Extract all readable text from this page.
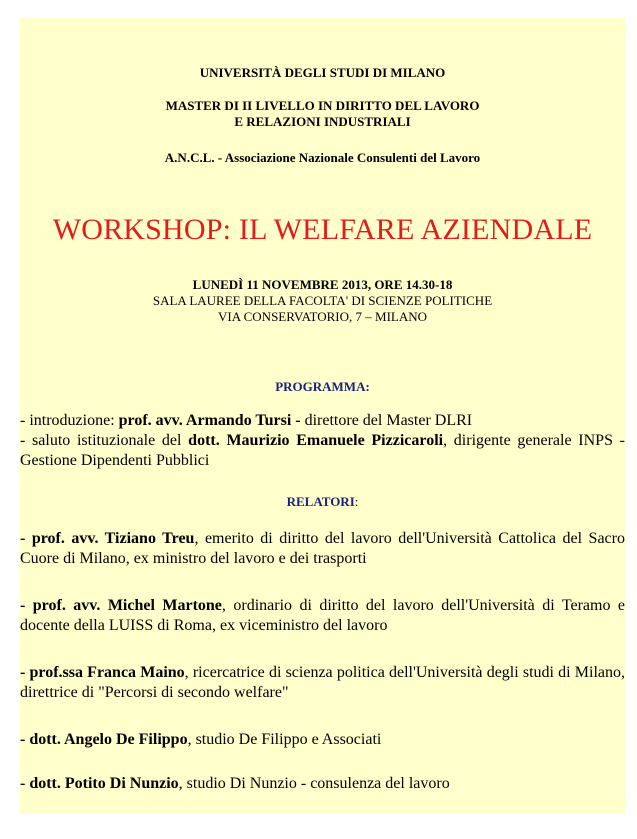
UNIVERSITÀ DEGLI STUDI DI MILANO
MASTER DI II LIVELLO IN DIRITTO DEL LAVORO
E RELAZIONI INDUSTRIALI
A.N.C.L. - Associazione Nazionale Consulenti del Lavoro
WORKSHOP: IL WELFARE AZIENDALE
LUNEDÌ 11 NOVEMBRE 2013, ORE 14.30-18
SALA LAUREE DELLA FACOLTA' DI SCIENZE POLITICHE
VIA CONSERVATORIO, 7 – MILANO
PROGRAMMA:
- introduzione: prof. avv. Armando Tursi - direttore del Master DLRI
- saluto istituzionale del dott. Maurizio Emanuele Pizzicaroli, dirigente generale INPS - Gestione Dipendenti Pubblici
RELATORI:
- prof. avv. Tiziano Treu, emerito di diritto del lavoro dell'Università Cattolica del Sacro Cuore di Milano, ex ministro del lavoro e dei trasporti
- prof. avv. Michel Martone, ordinario di diritto del lavoro dell'Università di Teramo e docente della LUISS di Roma, ex viceministro del lavoro
- prof.ssa Franca Maino, ricercatrice di scienza politica dell'Università degli studi di Milano, direttrice di "Percorsi di secondo welfare"
- dott. Angelo De Filippo, studio De Filippo e Associati
- dott. Potito Di Nunzio, studio Di Nunzio - consulenza del lavoro
